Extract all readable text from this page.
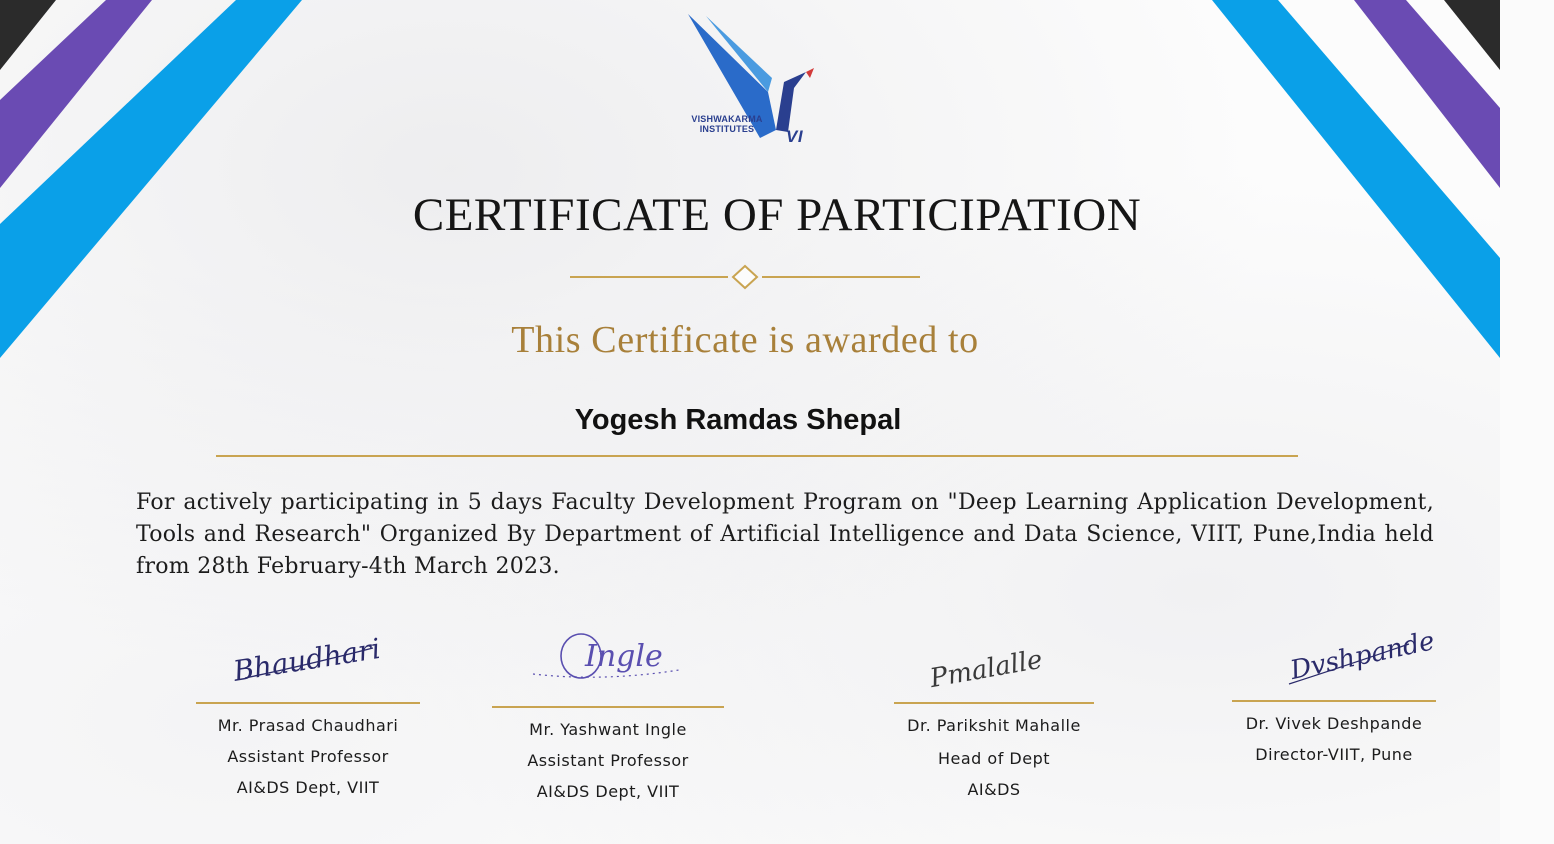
VISHWAKARMA
INSTITUTES	VI
CERTIFICATE OF PARTICIPATION
This Certificate is awarded to
Yogesh Ramdas Shepal
For actively participating in 5 days Faculty Development Program on "Deep Learning Application Development, Tools and Research" Organized By Department of Artificial Intelligence and Data Science, VIIT, Pune,India held from 28th February-4th March 2023.
Bhaudhari
Mr. Prasad Chaudhari
Assistant Professor
AI&DS Dept, VIIT
Ingle
Mr. Yashwant Ingle
Assistant Professor
AI&DS Dept, VIIT
Pmalalle
Dr. Parikshit Mahalle
Head of Dept
AI&DS
Dvshpande
Dr. Vivek Deshpande
Director-VIIT, Pune
